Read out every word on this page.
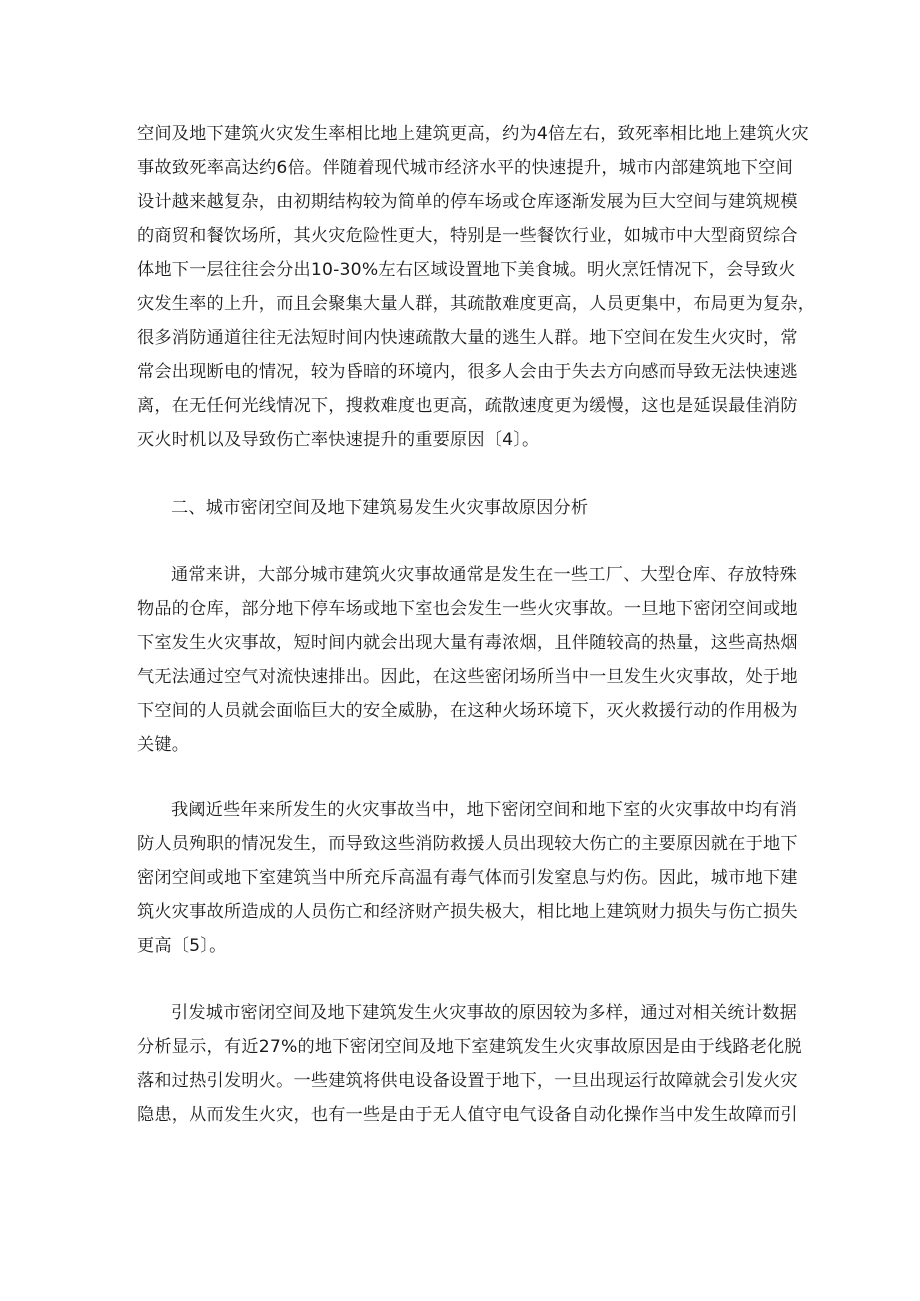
空间及地下建筑火灾发生率相比地上建筑更高，约为4倍左右，致死率相比地上建筑火灾
事故致死率高达约6倍。伴随着现代城市经济水平的快速提升，城市内部建筑地下空间
设计越来越复杂，由初期结构较为简单的停车场或仓库逐渐发展为巨大空间与建筑规模
的商贸和餐饮场所，其火灾危险性更大，特别是一些餐饮行业，如城市中大型商贸综合
体地下一层往往会分出10-30%左右区域设置地下美食城。明火烹饪情况下，会导致火
灾发生率的上升，而且会聚集大量人群，其疏散难度更高，人员更集中，布局更为复杂，
很多消防通道往往无法短时间内快速疏散大量的逃生人群。地下空间在发生火灾时，常
常会出现断电的情况，较为昏暗的环境内，很多人会由于失去方向感而导致无法快速逃
离，在无任何光线情况下，搜救难度也更高，疏散速度更为缓慢，这也是延误最佳消防
灭火时机以及导致伤亡率快速提升的重要原因〔4〕。
二、城市密闭空间及地下建筑易发生火灾事故原因分析
通常来讲，大部分城市建筑火灾事故通常是发生在一些工厂、大型仓库、存放特殊
物品的仓库，部分地下停车场或地下室也会发生一些火灾事故。一旦地下密闭空间或地
下室发生火灾事故，短时间内就会出现大量有毒浓烟，且伴随较高的热量，这些高热烟
气无法通过空气对流快速排出。因此，在这些密闭场所当中一旦发生火灾事故，处于地
下空间的人员就会面临巨大的安全威胁，在这种火场环境下，灭火救援行动的作用极为
关键。
我阈近些年来所发生的火灾事故当中，地下密闭空间和地下室的火灾事故中均有消
防人员殉职的情况发生，而导致这些消防救援人员出现较大伤亡的主要原因就在于地下
密闭空间或地下室建筑当中所充斥高温有毒气体而引发窒息与灼伤。因此，城市地下建
筑火灾事故所造成的人员伤亡和经济财产损失极大，相比地上建筑财力损失与伤亡损失
更高〔5〕。
引发城市密闭空间及地下建筑发生火灾事故的原因较为多样，通过对相关统计数据
分析显示，有近27%的地下密闭空间及地下室建筑发生火灾事故原因是由于线路老化脱
落和过热引发明火。一些建筑将供电设备设置于地下，一旦出现运行故障就会引发火灾
隐患，从而发生火灾，也有一些是由于无人值守电气设备自动化操作当中发生故障而引
